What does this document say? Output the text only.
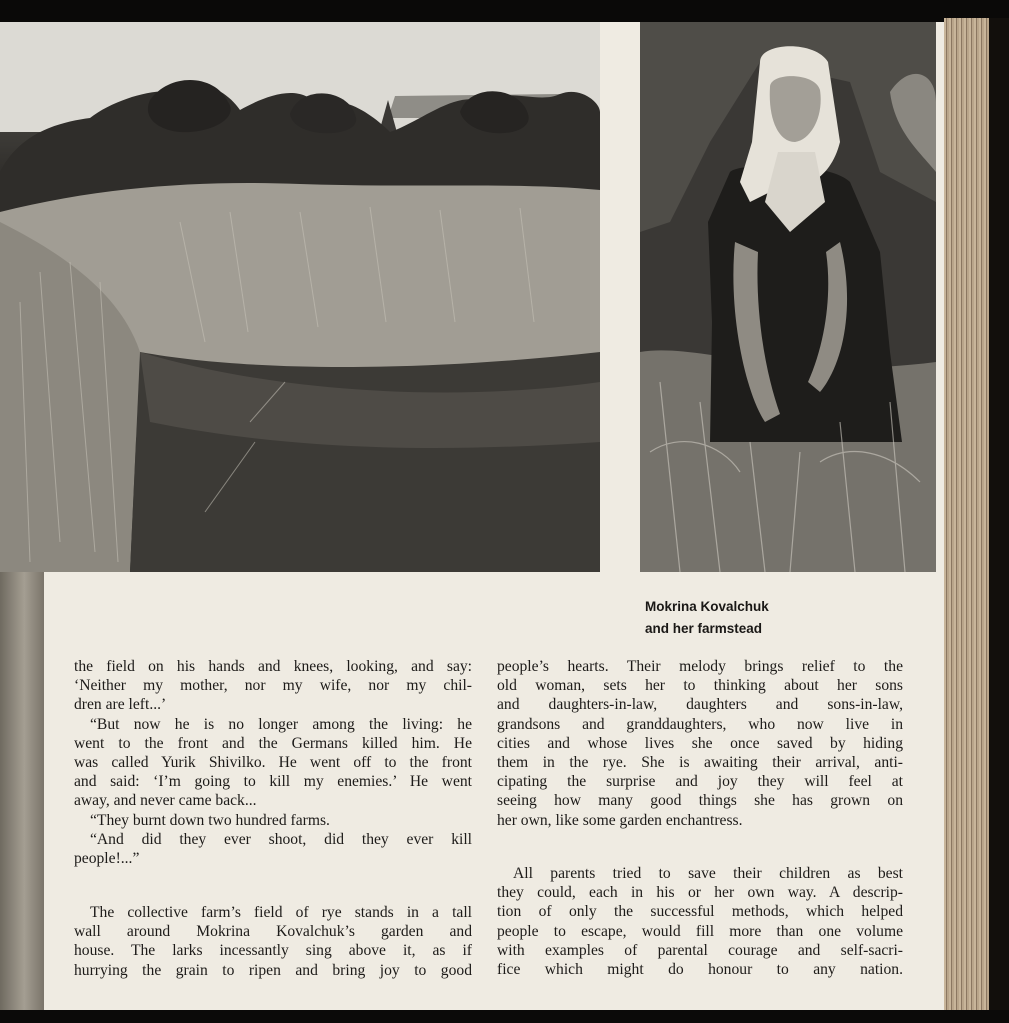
Mokrina Kovalchuk
and her farmstead
the field on his hands and knees, looking, and say:
‘Neither my mother, nor my wife, nor my chil-
dren are left...’
“But now he is no longer among the living: he
went to the front and the Germans killed him. He
was called Yurik Shivilko. He went off to the front
and said: ‘I’m going to kill my enemies.’ He went
away, and never came back...
“They burnt down two hundred farms.
“And did they ever shoot, did they ever kill
people!...”
The collective farm’s field of rye stands in a tall
wall around Mokrina Kovalchuk’s garden and
house. The larks incessantly sing above it, as if
hurrying the grain to ripen and bring joy to good
people’s hearts. Their melody brings relief to the
old woman, sets her to thinking about her sons
and daughters-in-law, daughters and sons-in-law,
grandsons and granddaughters, who now live in
cities and whose lives she once saved by hiding
them in the rye. She is awaiting their arrival, anti-
cipating the surprise and joy they will feel at
seeing how many good things she has grown on
her own, like some garden enchantress.
All parents tried to save their children as best
they could, each in his or her own way. A descrip-
tion of only the successful methods, which helped
people to escape, would fill more than one volume
with examples of parental courage and self-sacri-
fice which might do honour to any nation.
